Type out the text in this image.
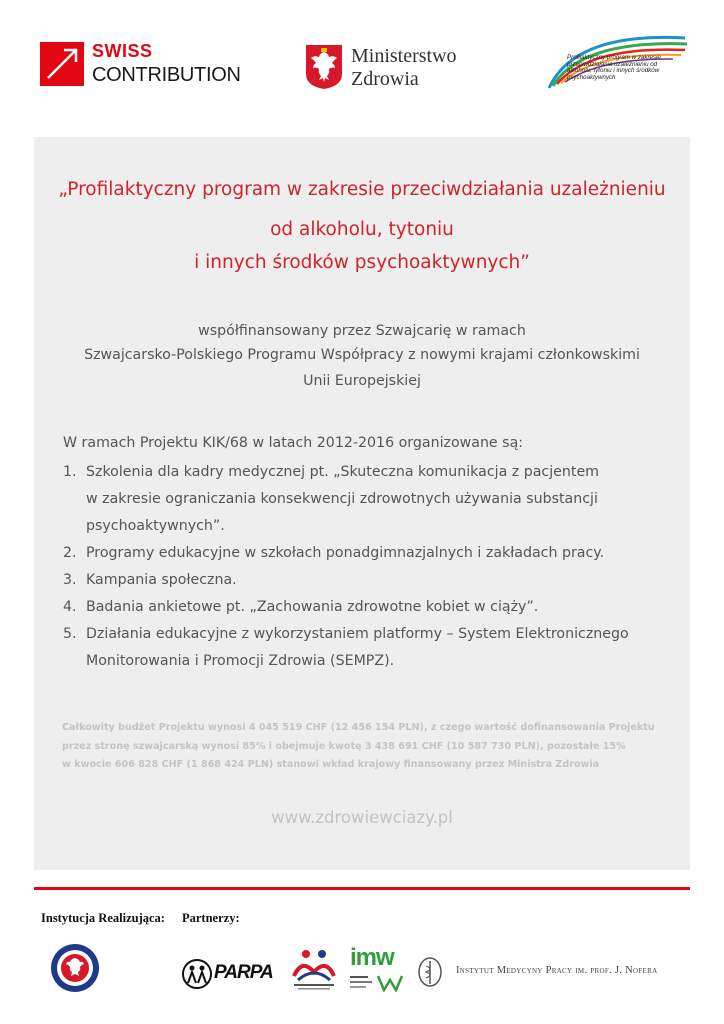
SWISS
CONTRIBUTION
Ministerstwo
Zdrowia
Profilaktyczny program w zakresie przeciwdziałania uzależnieniu od alkoholu, tytoniu i innych środków psychoaktywnych
„Profilaktyczny program w zakresie przeciwdziałania uzależnieniu
od alkoholu, tytoniu
i innych środków psychoaktywnych”
współfinansowany przez Szwajcarię w ramach
Szwajcarsko-Polskiego Programu Współpracy z nowymi krajami członkowskimi
Unii Europejskiej
W ramach Projektu KIK/68 w latach 2012-2016 organizowane są:
1. Szkolenia dla kadry medycznej pt. „Skuteczna komunikacja z pacjentem
w zakresie ograniczania konsekwencji zdrowotnych używania substancji
psychoaktywnych”.
2. Programy edukacyjne w szkołach ponadgimnazjalnych i zakładach pracy.
3. Kampania społeczna.
4. Badania ankietowe pt. „Zachowania zdrowotne kobiet w ciąży”.
5. Działania edukacyjne z wykorzystaniem platformy – System Elektronicznego
Monitorowania i Promocji Zdrowia (SEMPZ).
Całkowity budżet Projektu wynosi 4 045 519 CHF (12 456 154 PLN), z czego wartość dofinansowania Projektu
przez stronę szwajcarską wynosi 85% i obejmuje kwotę 3 438 691 CHF (10 587 730 PLN), pozostałe 15%
w kwocie 606 828 CHF (1 868 424 PLN) stanowi wkład krajowy finansowany przez Ministra Zdrowia
www.zdrowiewciazy.pl
Instytucja Realizująca: Partnerzy:
PARPA
imw	Instytut Medycyny Pracy im. prof. J. Nofera
